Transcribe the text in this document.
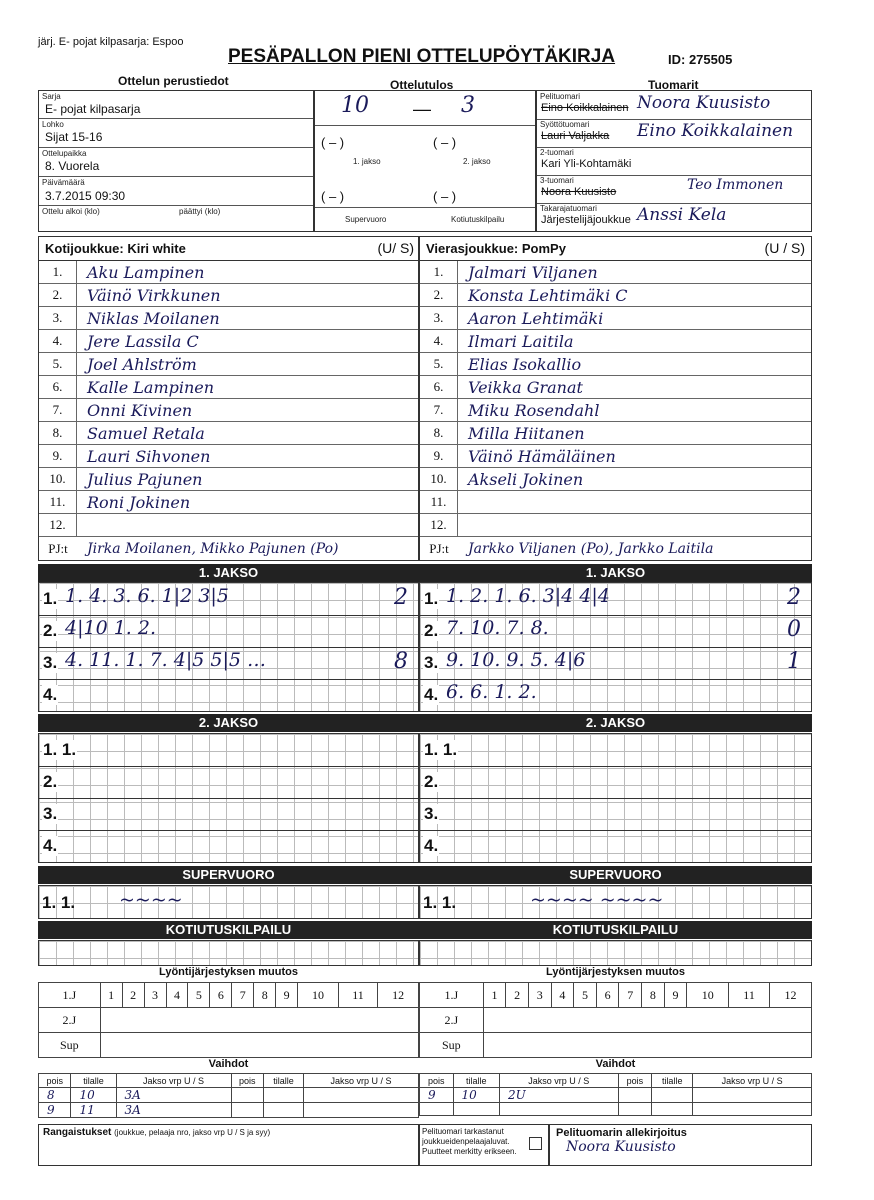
järj. E- pojat kilpasarja: Espoo
PESÄPALLON PIENI OTTELUPÖYTÄKIRJA	ID: 275505
Ottelun perustiedot	Ottelutulos	Tuomarit
Sarja
E- pojat kilpasarja
Lohko
Sijat 15-16
Ottelupaikka
8. Vuorela
Päivämäärä
3.7.2015 09:30
Ottelu alkoi (klo)	päättyi (klo)
10 — 3
( – )	( – )
1. jakso	2. jakso
( – )	( – )
Supervuoro	Kotiutuskilpailu
Pelituomari
Eino Koikkalainen Noora Kuusisto
Syöttötuomari
Lauri Valjakka Eino Koikkalainen
2-tuomari
Kari Yli-Kohtamäki
3-tuomari
Noora Kuusisto	Teo Immonen
Takarajatuomari
Järjestelijäjoukkue Anssi Kela
Kotijoukkue: Kiri white	(U/ S)
1.	Aku Lampinen
2.	Väinö Virkkunen
3.	Niklas Moilanen
4.	Jere Lassila C
5.	Joel Ahlström
6.	Kalle Lampinen
7.	Onni Kivinen
8.	Samuel Retala
9.	Lauri Sihvonen
10.	Julius Pajunen
11.	Roni Jokinen
12.
PJ:t	Jirka Moilanen, Mikko Pajunen (Po)
Vierasjoukkue: PomPy	(U / S)
1.	Jalmari Viljanen
2.	Konsta Lehtimäki C
3.	Aaron Lehtimäki
4.	Ilmari Laitila
5.	Elias Isokallio
6.	Veikka Granat
7.	Miku Rosendahl
8.	Milla Hiitanen
9.	Väinö Hämäläinen
10.	Akseli Jokinen
11.
12.
PJ:t	Jarkko Viljanen (Po), Jarkko Laitila
1. JAKSO	1. JAKSO
1. 1. 4. 3. 6. 1|2 3|5	2
2. 4|10 1. 2.
3. 4. 11. 1. 7. 4|5 5|5 …	8
4.
1. 1. 2. 1. 6. 3|4 4|4	2
2. 7. 10. 7. 8.	0
3. 9. 10. 9. 5. 4|6	1
4. 6. 6. 1. 2.
2. JAKSO	2. JAKSO
1. 1.
2.
3.
4.
1. 1.
2.
3.
4.
SUPERVUORO	SUPERVUORO
1. 1. ~~~~	1. 1.	~~~~ ~~~~
KOTIUTUSKILPAILU	KOTIUTUSKILPAILU
Lyöntijärjestyksen muutos	Lyöntijärjestyksen muutos
1.J	1	2	3	4	5	6	7	8	9	10	11	12
2.J												
Sup												
1.J	1	2	3	4	5	6	7	8	9	10	11	12
2.J												
Sup												
Vaihdot	Vaihdot
pois	tilalle	Jakso vrp U / S	pois	tilalle	Jakso vrp U / S
8	10	3A			
9	11	3A			
pois	tilalle	Jakso vrp U / S	pois	tilalle	Jakso vrp U / S
9	10	2U			

Rangaistukset (joukkue, pelaaja nro, jakso vrp U / S ja syy)	Pelituomari tarkastanut
joukkueidenpelaajaluvat.
Puutteet merkitty erikseen.
Pelituomarin allekirjoitus
Noora Kuusisto
